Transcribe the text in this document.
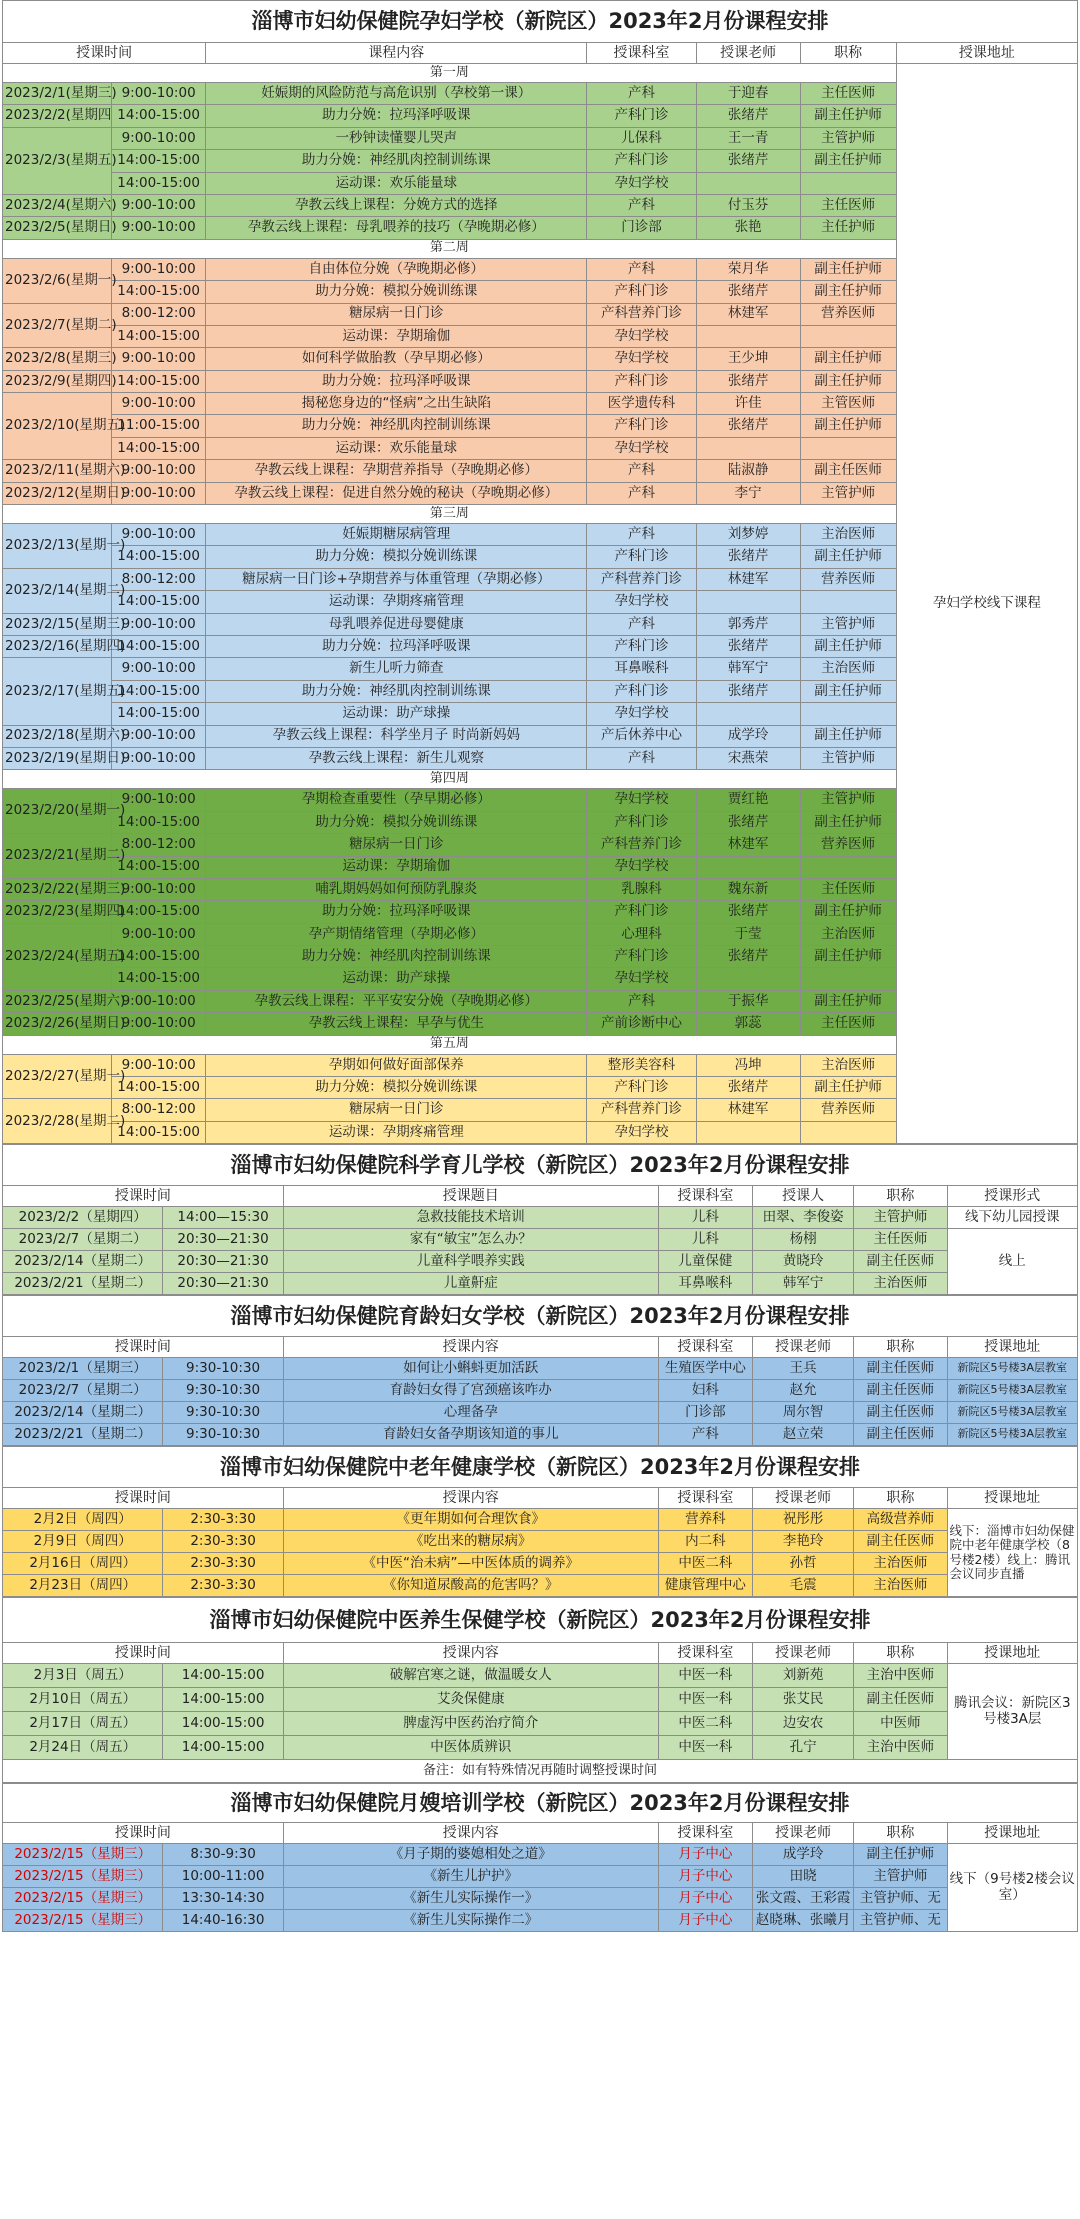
淄博市妇幼保健院孕妇学校（新院区）2023年2月份课程安排						
授课时间		课程内容	授课科室	授课老师	职称	授课地址
第一周						孕妇学校线下课程
2023/2/1(星期三)	9:00-10:00	妊娠期的风险防范与高危识别（孕校第一课）	产科	于迎春	主任医师	
2023/2/2(星期四	14:00-15:00	助力分娩：拉玛泽呼吸课	产科门诊	张绪芹	副主任护师	
2023/2/3(星期五)	9:00-10:00	一秒钟读懂婴儿哭声	儿保科	王一青	主管护师	
	14:00-15:00	助力分娩：神经肌肉控制训练课	产科门诊	张绪芹	副主任护师	
	14:00-15:00	运动课：欢乐能量球	孕妇学校			
2023/2/4(星期六)	9:00-10:00	孕教云线上课程：分娩方式的选择	产科	付玉芬	主任医师	
2023/2/5(星期日)	9:00-10:00	孕教云线上课程：母乳喂养的技巧（孕晚期必修）	门诊部	张艳	主任护师	
第二周						
2023/2/6(星期一)	9:00-10:00	自由体位分娩（孕晚期必修）	产科	荣月华	副主任护师	
	14:00-15:00	助力分娩：模拟分娩训练课	产科门诊	张绪芹	副主任护师	
2023/2/7(星期二)	8:00-12:00	糖尿病一日门诊	产科营养门诊	林建军	营养医师	
	14:00-15:00	运动课：孕期瑜伽	孕妇学校			
2023/2/8(星期三)	9:00-10:00	如何科学做胎教（孕早期必修）	孕妇学校	王少坤	副主任护师	
2023/2/9(星期四)	14:00-15:00	助力分娩：拉玛泽呼吸课	产科门诊	张绪芹	副主任护师	
2023/2/10(星期五)	9:00-10:00	揭秘您身边的“怪病”之出生缺陷	医学遗传科	许佳	主管医师	
	11:00-15:00	助力分娩：神经肌肉控制训练课	产科门诊	张绪芹	副主任护师	
	14:00-15:00	运动课：欢乐能量球	孕妇学校			
2023/2/11(星期六)	9:00-10:00	孕教云线上课程：孕期营养指导（孕晚期必修）	产科	陆淑静	副主任医师	
2023/2/12(星期日)	9:00-10:00	孕教云线上课程：促进自然分娩的秘诀（孕晚期必修）	产科	李宁	主管护师	
第三周						
2023/2/13(星期一)	9:00-10:00	妊娠期糖尿病管理	产科	刘梦婷	主治医师	
	14:00-15:00	助力分娩：模拟分娩训练课	产科门诊	张绪芹	副主任护师	
2023/2/14(星期二)	8:00-12:00	糖尿病一日门诊+孕期营养与体重管理（孕期必修）	产科营养门诊	林建军	营养医师	
	14:00-15:00	运动课：孕期疼痛管理	孕妇学校			
2023/2/15(星期三)	9:00-10:00	母乳喂养促进母婴健康	产科	郭秀芹	主管护师	
2023/2/16(星期四)	14:00-15:00	助力分娩：拉玛泽呼吸课	产科门诊	张绪芹	副主任护师	
2023/2/17(星期五)	9:00-10:00	新生儿听力筛查	耳鼻喉科	韩军宁	主治医师	
	14:00-15:00	助力分娩：神经肌肉控制训练课	产科门诊	张绪芹	副主任护师	
	14:00-15:00	运动课：助产球操	孕妇学校			
2023/2/18(星期六)	9:00-10:00	孕教云线上课程：科学坐月子 时尚新妈妈	产后休养中心	成学玲	副主任护师	
2023/2/19(星期日)	9:00-10:00	孕教云线上课程：新生儿观察	产科	宋燕荣	主管护师	
第四周						
2023/2/20(星期一)	9:00-10:00	孕期检查重要性（孕早期必修）	孕妇学校	贾红艳	主管护师	
	14:00-15:00	助力分娩：模拟分娩训练课	产科门诊	张绪芹	副主任护师	
2023/2/21(星期二)	8:00-12:00	糖尿病一日门诊	产科营养门诊	林建军	营养医师	
	14:00-15:00	运动课：孕期瑜伽	孕妇学校			
2023/2/22(星期三)	9:00-10:00	哺乳期妈妈如何预防乳腺炎	乳腺科	魏东新	主任医师	
2023/2/23(星期四)	14:00-15:00	助力分娩：拉玛泽呼吸课	产科门诊	张绪芹	副主任护师	
2023/2/24(星期五)	9:00-10:00	孕产期情绪管理（孕期必修）	心理科	于莹	主治医师	
	14:00-15:00	助力分娩：神经肌肉控制训练课	产科门诊	张绪芹	副主任护师	
	14:00-15:00	运动课：助产球操	孕妇学校			
2023/2/25(星期六)	9:00-10:00	孕教云线上课程：平平安安分娩（孕晚期必修）	产科	于振华	副主任护师	
2023/2/26(星期日)	9:00-10:00	孕教云线上课程：早孕与优生	产前诊断中心	郭蕊	主任医师	
第五周						
2023/2/27(星期一)	9:00-10:00	孕期如何做好面部保养	整形美容科	冯坤	主治医师	
	14:00-15:00	助力分娩：模拟分娩训练课	产科门诊	张绪芹	副主任护师	
2023/2/28(星期二)	8:00-12:00	糖尿病一日门诊	产科营养门诊	林建军	营养医师	
	14:00-15:00	运动课：孕期疼痛管理	孕妇学校			
淄博市妇幼保健院科学育儿学校（新院区）2023年2月份课程安排						
授课时间		授课题目	授课科室	授课人	职称	授课形式
2023/2/2（星期四）	14:00—15:30	急救技能技术培训	儿科	田翠、李俊姿	主管护师	线下幼儿园授课
2023/2/7（星期二）	20:30—21:30	家有“敏宝”怎么办？	儿科	杨栩	主任医师	线上
2023/2/14（星期二）	20:30—21:30	儿童科学喂养实践	儿童保健	黄晓玲	副主任医师	
2023/2/21（星期二）	20:30—21:30	儿童鼾症	耳鼻喉科	韩军宁	主治医师	
淄博市妇幼保健院育龄妇女学校（新院区）2023年2月份课程安排						
授课时间		授课内容	授课科室	授课老师	职称	授课地址
2023/2/1（星期三）	9:30-10:30	如何让小蝌蚪更加活跃	生殖医学中心	王兵	副主任医师	新院区5号楼3A层教室
2023/2/7（星期二）	9:30-10:30	育龄妇女得了宫颈癌该咋办	妇科	赵允	副主任医师	新院区5号楼3A层教室
2023/2/14（星期二）	9:30-10:30	心理备孕	门诊部	周尔智	副主任医师	新院区5号楼3A层教室
2023/2/21（星期二）	9:30-10:30	育龄妇女备孕期该知道的事儿	产科	赵立荣	副主任医师	新院区5号楼3A层教室
淄博市妇幼保健院中老年健康学校（新院区）2023年2月份课程安排						
授课时间		授课内容	授课科室	授课老师	职称	授课地址
2月2日（周四）	2:30-3:30	《更年期如何合理饮食》	营养科	祝彤彤	高级营养师	线下：淄博市妇幼保健院中老年健康学校（8号楼2楼）线上：腾讯会议同步直播
2月9日（周四）	2:30-3:30	《吃出来的糖尿病》	内二科	李艳玲	副主任医师	
2月16日（周四）	2:30-3:30	《中医“治未病”—中医体质的调养》	中医二科	孙哲	主治医师	
2月23日（周四）	2:30-3:30	《你知道尿酸高的危害吗？》	健康管理中心	毛震	主治医师	
淄博市妇幼保健院中医养生保健学校（新院区）2023年2月份课程安排						
授课时间		授课内容	授课科室	授课老师	职称	授课地址
2月3日（周五）	14:00-15:00	破解宫寒之谜，做温暖女人	中医一科	刘新苑	主治中医师	腾讯会议：新院区3号楼3A层
2月10日（周五）	14:00-15:00	艾灸保健康	中医一科	张艾民	副主任医师	
2月17日（周五）	14:00-15:00	脾虚泻中医药治疗简介	中医二科	边安农	中医师	
2月24日（周五）	14:00-15:00	中医体质辨识	中医一科	孔宁	主治中医师	
备注：如有特殊情况再随时调整授课时间						
淄博市妇幼保健院月嫂培训学校（新院区）2023年2月份课程安排						
授课时间		授课内容	授课科室	授课老师	职称	授课地址
2023/2/15（星期三）	8:30-9:30	《月子期的婆媳相处之道》	月子中心	成学玲	副主任护师	线下（9号楼2楼会议室）
2023/2/15（星期三）	10:00-11:00	《新生儿护护》	月子中心	田晓	主管护师	
2023/2/15（星期三）	13:30-14:30	《新生儿实际操作一》	月子中心	张文霞、王彩霞	主管护师、无	
2023/2/15（星期三）	14:40-16:30	《新生儿实际操作二》	月子中心	赵晓琳、张曦月	主管护师、无	
